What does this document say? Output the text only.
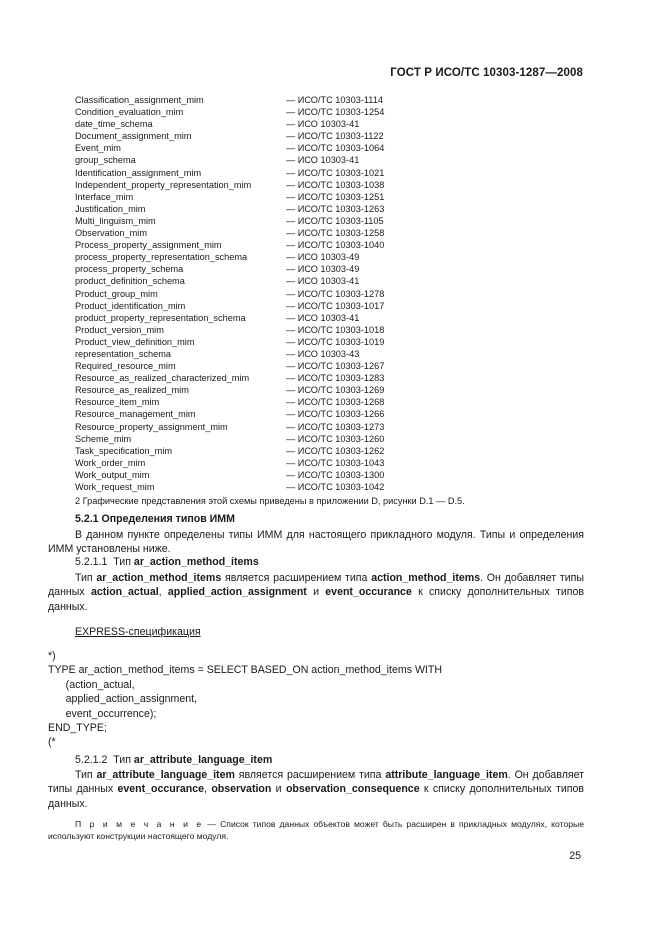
ГОСТ Р ИСО/ТС 10303-1287—2008
Classification_assignment_mim	— ИСО/ТС 10303-1114
Condition_evaluation_mim	— ИСО/ТС 10303-1254
date_time_schema	— ИСО 10303-41
Document_assignment_mim	— ИСО/ТС 10303-1122
Event_mim	— ИСО/ТС 10303-1064
group_schema	— ИСО 10303-41
Identification_assignment_mim	— ИСО/ТС 10303-1021
Independent_property_representation_mim	— ИСО/ТС 10303-1038
Interface_mim	— ИСО/ТС 10303-1251
Justification_mim	— ИСО/ТС 10303-1263
Multi_linguism_mim	— ИСО/ТС 10303-1105
Observation_mim	— ИСО/ТС 10303-1258
Process_property_assignment_mim	— ИСО/ТС 10303-1040
process_property_representation_schema	— ИСО 10303-49
process_property_schema	— ИСО 10303-49
product_definition_schema	— ИСО 10303-41
Product_group_mim	— ИСО/ТС 10303-1278
Product_identification_mim	— ИСО/ТС 10303-1017
product_property_representation_schema	— ИСО 10303-41
Product_version_mim	— ИСО/ТС 10303-1018
Product_view_definition_mim	— ИСО/ТС 10303-1019
representation_schema	— ИСО 10303-43
Required_resource_mim	— ИСО/ТС 10303-1267
Resource_as_realized_characterized_mim	— ИСО/ТС 10303-1283
Resource_as_realized_mim	— ИСО/ТС 10303-1269
Resource_item_mim	— ИСО/ТС 10303-1268
Resource_management_mim	— ИСО/ТС 10303-1266
Resource_property_assignment_mim	— ИСО/ТС 10303-1273
Scheme_mim	— ИСО/ТС 10303-1260
Task_specification_mim	— ИСО/ТС 10303-1262
Work_order_mim	— ИСО/ТС 10303-1043
Work_output_mim	— ИСО/ТС 10303-1300
Work_request_mim	— ИСО/ТС 10303-1042
2 Графические представления этой схемы приведены в приложении D, рисунки D.1 — D.5.
5.2.1 Определения типов ИММ
В данном пункте определены типы ИММ для настоящего прикладного модуля. Типы и определения ИММ установлены ниже.
5.2.1.1 Тип ar_action_method_items
Тип ar_action_method_items является расширением типа action_method_items. Он добавляет типы данных action_actual, applied_action_assignment и event_occurance к списку дополнительных типов данных.
EXPRESS-спецификация
*)
TYPE ar_action_method_items = SELECT BASED_ON action_method_items WITH
(action_actual,
applied_action_assignment,
event_occurrence);
END_TYPE;
(*
5.2.1.2 Тип ar_attribute_language_item
Тип ar_attribute_language_item является расширением типа attribute_language_item. Он добавляет типы данных event_occurance, observation и observation_consequence к списку дополнительных типов данных.
П р и м е ч а н и е — Список типов данных объектов может быть расширен в прикладных модулях, которые используют конструкции настоящего модуля.
25
